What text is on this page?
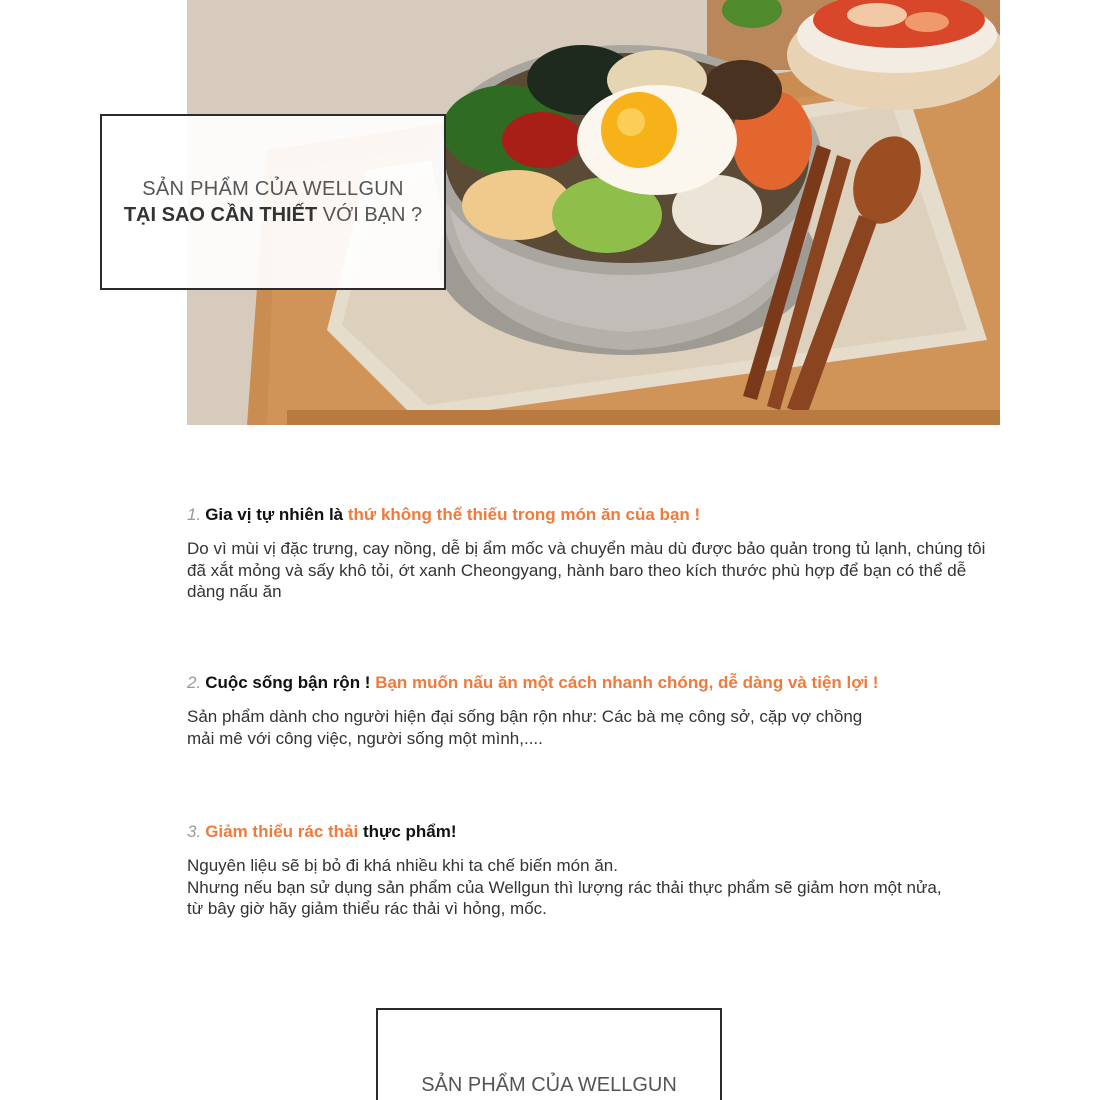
SẢN PHẨM CỦA WELLGUN
TẠI SAO CẦN THIẾT VỚI BẠN ?
1. Gia vị tự nhiên là thứ không thể thiếu trong món ăn của bạn !

Do vì mùi vị đặc trưng, cay nồng, dễ bị ẩm mốc và chuyển màu dù được bảo quản trong tủ lạnh, chúng tôi đã xắt mỏng và sấy khô tỏi, ớt xanh Cheongyang, hành baro theo kích thước phù hợp để bạn có thể dễ dàng nấu ăn

2. Cuộc sống bận rộn ! Bạn muốn nấu ăn một cách nhanh chóng, dễ dàng và tiện lợi !

Sản phẩm dành cho người hiện đại sống bận rộn như: Các bà mẹ công sở, cặp vợ chồng

mải mê với công việc, người sống một mình,....

3. Giảm thiểu rác thải thực phẩm!

Nguyên liệu sẽ bị bỏ đi khá nhiều khi ta chế biến món ăn.

Nhưng nếu bạn sử dụng sản phẩm của Wellgun thì lượng rác thải thực phẩm sẽ giảm hơn một nửa,

từ bây giờ hãy giảm thiểu rác thải vì hỏng, mốc.

SẢN PHẨM CỦA WELLGUN
